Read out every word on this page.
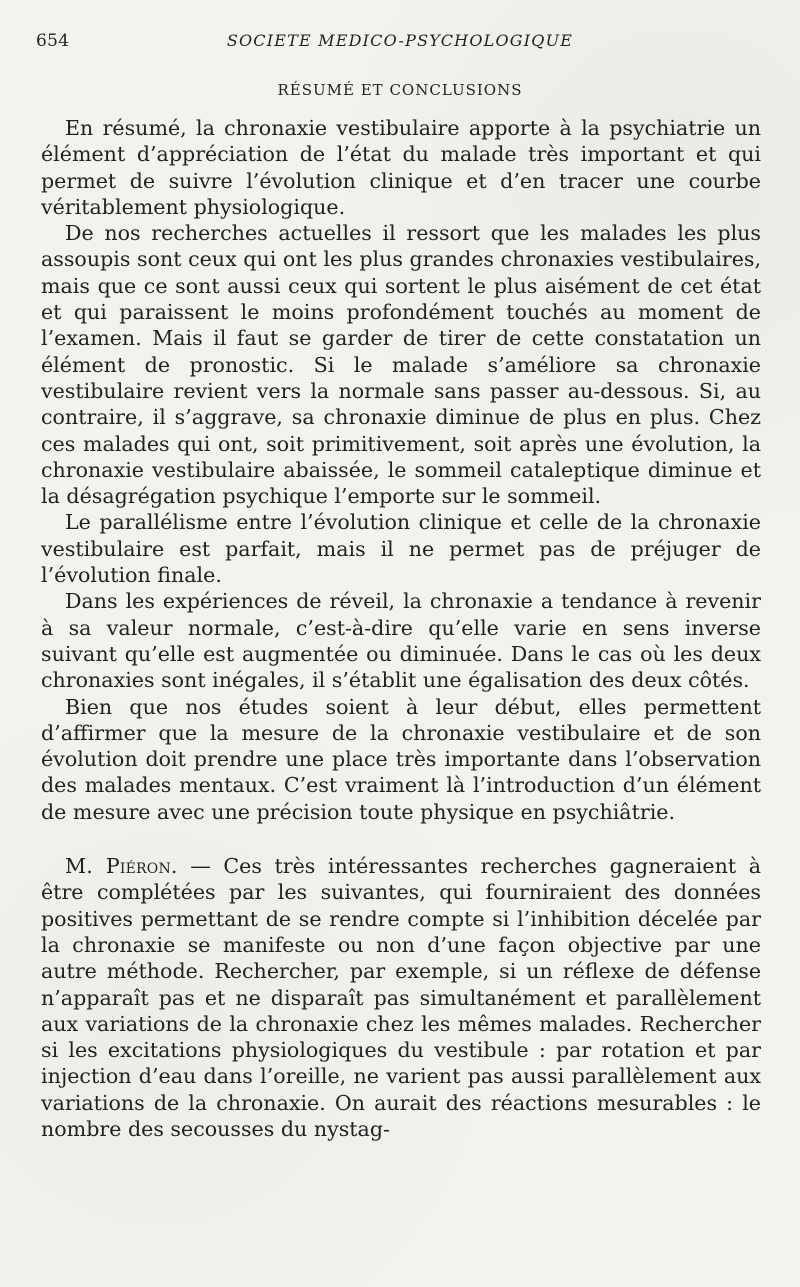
654	SOCIETE MEDICO-PSYCHOLOGIQUE
RÉSUMÉ ET CONCLUSIONS

En résumé, la chronaxie vestibulaire apporte à la psychiatrie un élément d’appréciation de l’état du malade très important et qui permet de suivre l’évolution clinique et d’en tracer une courbe véritablement physiologique.

De nos recherches actuelles il ressort que les malades les plus assoupis sont ceux qui ont les plus grandes chronaxies vestibulaires, mais que ce sont aussi ceux qui sortent le plus aisément de cet état et qui paraissent le moins profondément touchés au moment de l’examen. Mais il faut se garder de tirer de cette constatation un élément de pronostic. Si le malade s’améliore sa chronaxie vestibulaire revient vers la normale sans passer au-dessous. Si, au contraire, il s’aggrave, sa chronaxie diminue de plus en plus. Chez ces malades qui ont, soit primitivement, soit après une évolution, la chronaxie vestibulaire abaissée, le sommeil cataleptique diminue et la désagrégation psychique l’emporte sur le sommeil.

Le parallélisme entre l’évolution clinique et celle de la chronaxie vestibulaire est parfait, mais il ne permet pas de préjuger de l’évolution finale.

Dans les expériences de réveil, la chronaxie a tendance à revenir à sa valeur normale, c’est-à-dire qu’elle varie en sens inverse suivant qu’elle est augmentée ou diminuée. Dans le cas où les deux chronaxies sont inégales, il s’établit une égalisation des deux côtés.

Bien que nos études soient à leur début, elles permettent d’affirmer que la mesure de la chronaxie vestibulaire et de son évolution doit prendre une place très importante dans l’observation des malades mentaux. C’est vraiment là l’introduction d’un élément de mesure avec une précision toute physique en psychiâtrie.

M. Piéron. — Ces très intéressantes recherches gagneraient à être complétées par les suivantes, qui fourniraient des données positives permettant de se rendre compte si l’inhibition décelée par la chronaxie se manifeste ou non d’une façon objective par une autre méthode. Rechercher, par exemple, si un réflexe de défense n’apparaît pas et ne disparaît pas simultanément et parallèlement aux variations de la chronaxie chez les mêmes malades. Rechercher si les excitations physiologiques du vestibule : par rotation et par injection d’eau dans l’oreille, ne varient pas aussi parallèlement aux variations de la chronaxie. On aurait des réactions mesurables : le nombre des secousses du nystag-
